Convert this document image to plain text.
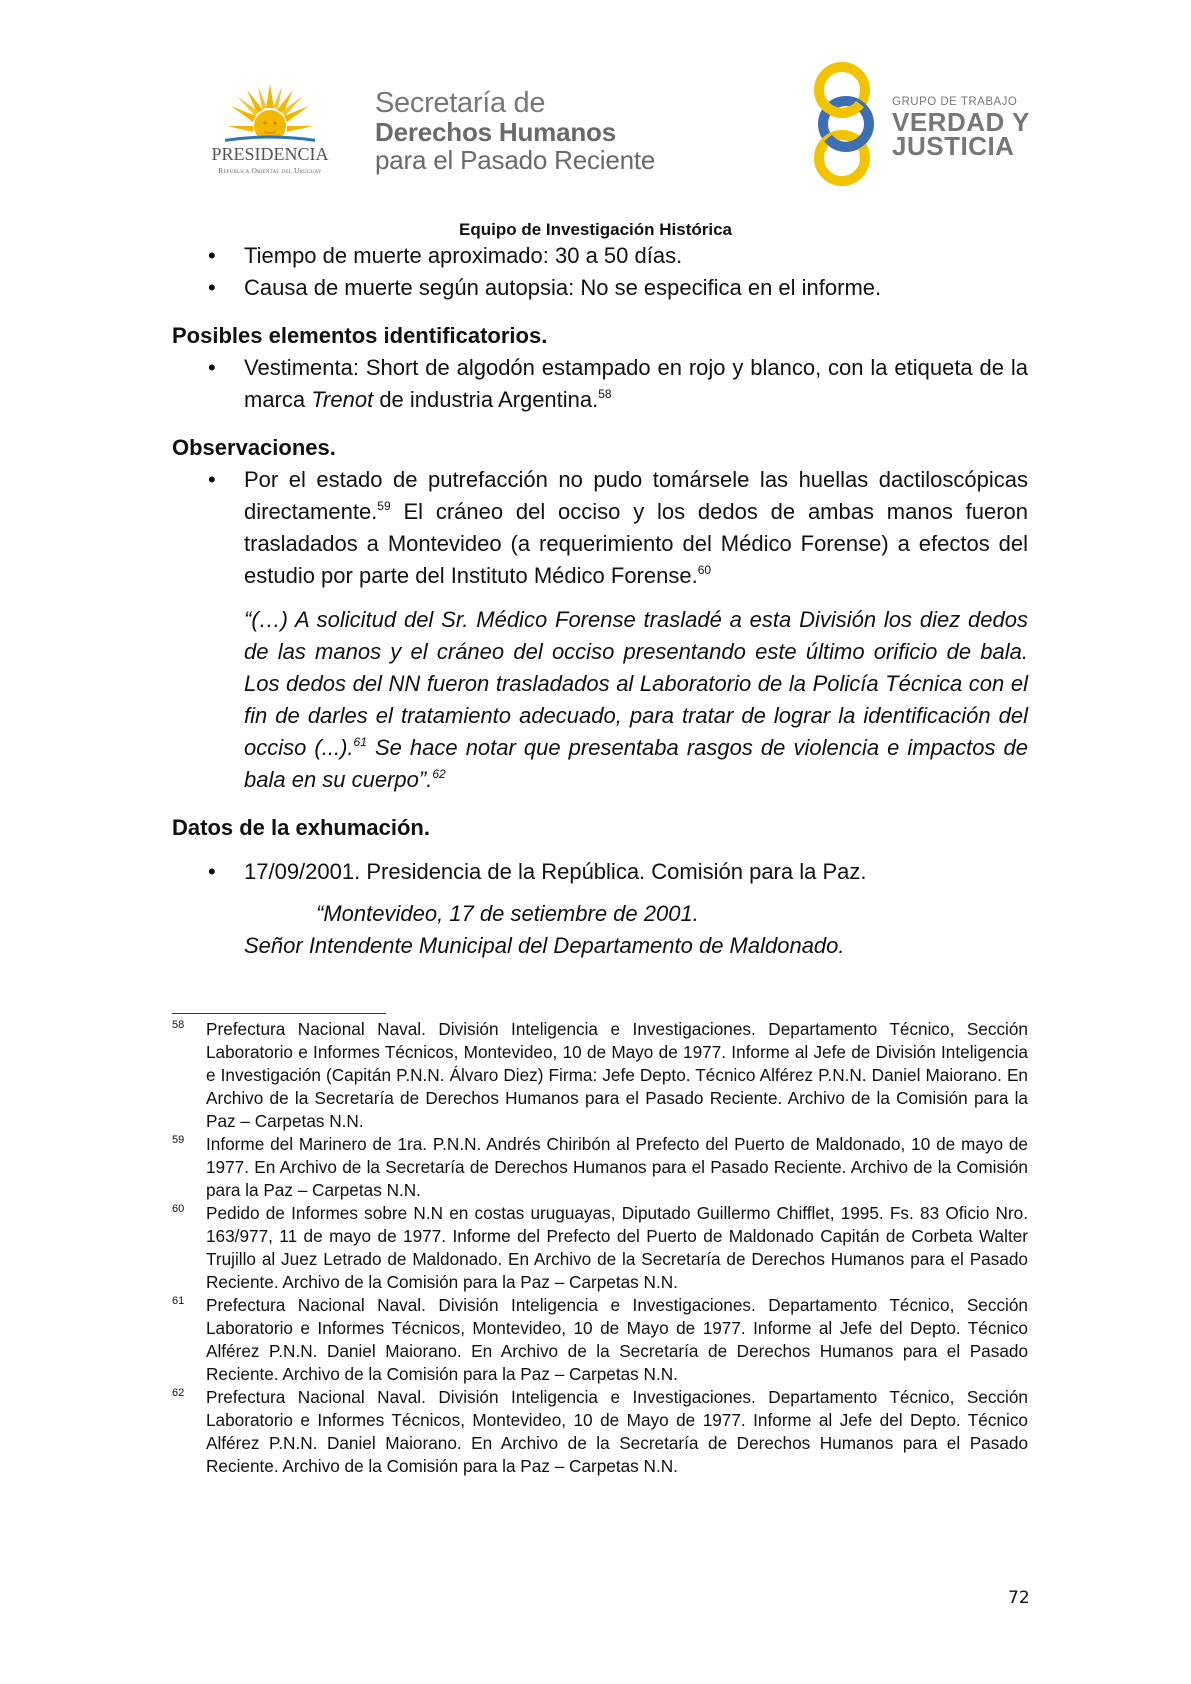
PRESIDENCIA
República Oriental del Uruguay
Secretaría de
Derechos Humanos
para el Pasado Reciente
GRUPO DE TRABAJO
VERDAD Y
JUSTICIA
Equipo de Investigación Histórica
• Tiempo de muerte aproximado: 30 a 50 días.
• Causa de muerte según autopsia: No se especifica en el informe.
Posibles elementos identificatorios.
• Vestimenta: Short de algodón estampado en rojo y blanco, con la etiqueta de la marca Trenot de industria Argentina.$^{58}$
Observaciones.
• Por el estado de putrefacción no pudo tomársele las huellas dactiloscópicas directamente.$^{59}$ El cráneo del occiso y los dedos de ambas manos fueron trasladados a Montevideo (a requerimiento del Médico Forense) a efectos del estudio por parte del Instituto Médico Forense.$^{60}$
“(…) A solicitud del Sr. Médico Forense trasladé a esta División los diez dedos de las manos y el cráneo del occiso presentando este último orificio de bala. Los dedos del NN fueron trasladados al Laboratorio de la Policía Técnica con el fin de darles el tratamiento adecuado, para tratar de lograr la identificación del occiso (...).$^{61}$ Se hace notar que presentaba rasgos de violencia e impactos de bala en su cuerpo”.$^{62}$
Datos de la exhumación.
• 17/09/2001. Presidencia de la República. Comisión para la Paz.
“Montevideo, 17 de setiembre de 2001.
Señor Intendente Municipal del Departamento de Maldonado.
58 Prefectura Nacional Naval. División Inteligencia e Investigaciones. Departamento Técnico, Sección Laboratorio e Informes Técnicos, Montevideo, 10 de Mayo de 1977. Informe al Jefe de División Inteligencia e Investigación (Capitán P.N.N. Álvaro Diez) Firma: Jefe Depto. Técnico Alférez P.N.N. Daniel Maiorano. En Archivo de la Secretaría de Derechos Humanos para el Pasado Reciente. Archivo de la Comisión para la Paz – Carpetas N.N.
59 Informe del Marinero de 1ra. P.N.N. Andrés Chiribón al Prefecto del Puerto de Maldonado, 10 de mayo de 1977. En Archivo de la Secretaría de Derechos Humanos para el Pasado Reciente. Archivo de la Comisión para la Paz – Carpetas N.N.
60 Pedido de Informes sobre N.N en costas uruguayas, Diputado Guillermo Chifflet, 1995. Fs. 83 Oficio Nro. 163/977, 11 de mayo de 1977. Informe del Prefecto del Puerto de Maldonado Capitán de Corbeta Walter Trujillo al Juez Letrado de Maldonado. En Archivo de la Secretaría de Derechos Humanos para el Pasado Reciente. Archivo de la Comisión para la Paz – Carpetas N.N.
61 Prefectura Nacional Naval. División Inteligencia e Investigaciones. Departamento Técnico, Sección Laboratorio e Informes Técnicos, Montevideo, 10 de Mayo de 1977. Informe al Jefe del Depto. Técnico Alférez P.N.N. Daniel Maiorano. En Archivo de la Secretaría de Derechos Humanos para el Pasado Reciente. Archivo de la Comisión para la Paz – Carpetas N.N.
62 Prefectura Nacional Naval. División Inteligencia e Investigaciones. Departamento Técnico, Sección Laboratorio e Informes Técnicos, Montevideo, 10 de Mayo de 1977. Informe al Jefe del Depto. Técnico Alférez P.N.N. Daniel Maiorano. En Archivo de la Secretaría de Derechos Humanos para el Pasado Reciente. Archivo de la Comisión para la Paz – Carpetas N.N.
72
